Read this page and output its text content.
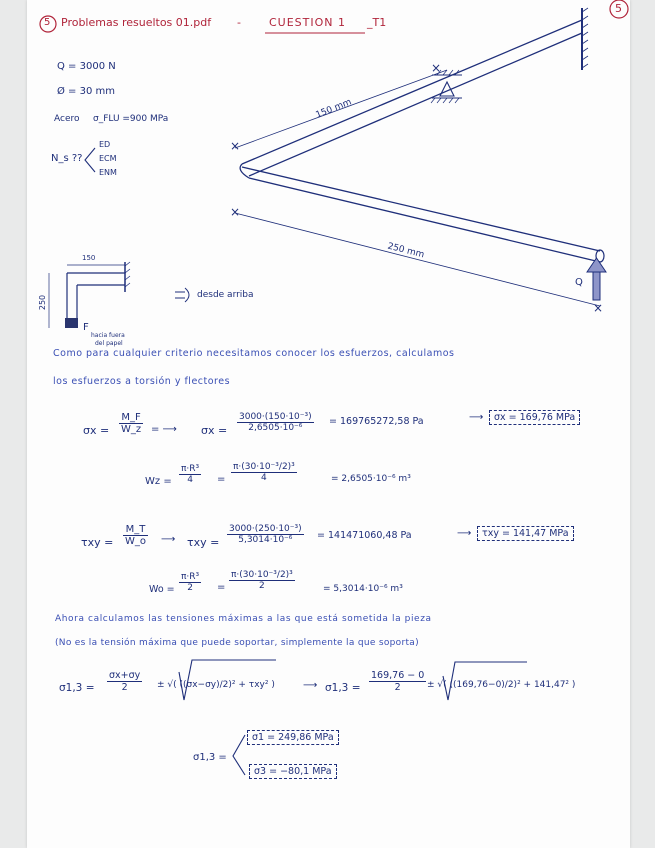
×
×
×
×
5 Problemas resueltos 01.pdf -	CUESTION 1 _T1
5
Q = 3000 N
Ø = 30 mm
Acero σ_FLU =900 MPa
N_s ??
ED
ECM
ENM
150 mm
250 mm
Q
150
250
F
hacia fuera
del papel
desde arriba
Como para cualquier criterio necesitamos conocer los esfuerzos, calculamos
los esfuerzos a torsión y flectores
$\sigma x = \frac{M\_F}{W\_z}$ = ⟶ $\sigma x = \frac{\text{3000·(150·10⁻³)}}{\text{2,6505·10⁻⁶}} = 169765272,58$ Pa	⟶	σx = 169,76 MPa
$Wz = \frac{\text{π·R³}}{4} = \frac{\text{π·(30·10⁻³/2)³}}{4}$	= 2,6505·10⁻⁶ m³
$\tau xy = \frac{M\_T}{W\_o}$ ⟶ $\tau xy = \frac{\text{3000·(250·10⁻³)}}{\text{5,3014·10⁻⁶}} = 141471060,48$ Pa	⟶	τxy = 141,47 MPa
$Wo = \frac{\text{π·R³}}{2} = \frac{\text{π·(30·10⁻³/2)³}}{2}$	= 5,3014·10⁻⁶ m³
Ahora calculamos las tensiones máximas a las que está sometida la pieza
(No es la tensión máxima que puede soportar, simplemente la que soporta)
$\sigma 1,3 = \frac{\sigma x+\sigma y}{2}$ ± √( ((σx−σy)/2)² + τxy² )	⟶ $\sigma 1,3 = \frac{169,76 - 0}{2}$ ± √( ((169,76−0)/2)² + 141,47² )
σ1,3 =
σ1 = 249,86 MPa
σ3 = −80,1 MPa
